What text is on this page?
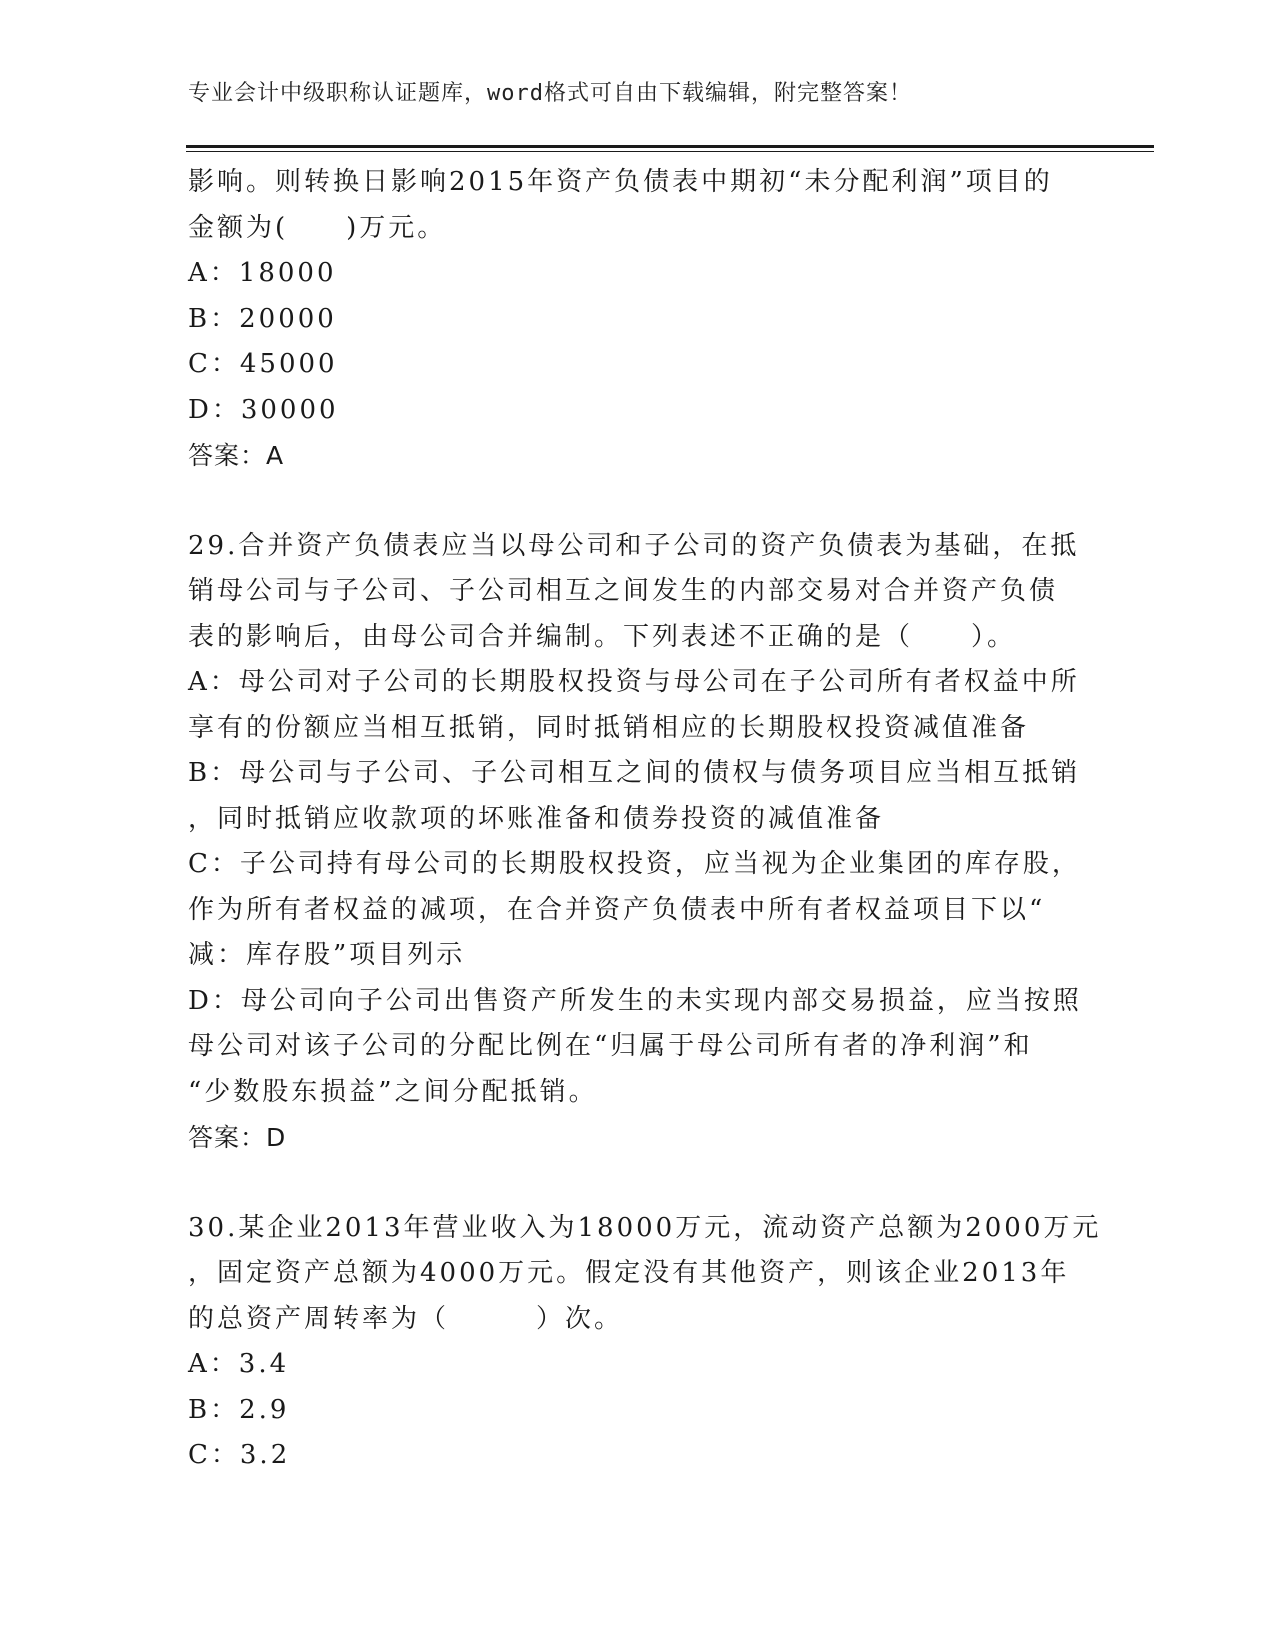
专业会计中级职称认证题库，word格式可自由下载编辑，附完整答案！
影响。则转换日影响2015年资产负债表中期初“未分配利润”项目的
金额为(　　)万元。
A：18000
B：20000
C：45000
D：30000
答案：A
29.合并资产负债表应当以母公司和子公司的资产负债表为基础，在抵
销母公司与子公司、子公司相互之间发生的内部交易对合并资产负债
表的影响后，由母公司合并编制。下列表述不正确的是（　　）。
A：母公司对子公司的长期股权投资与母公司在子公司所有者权益中所
享有的份额应当相互抵销，同时抵销相应的长期股权投资减值准备
B：母公司与子公司、子公司相互之间的债权与债务项目应当相互抵销
，同时抵销应收款项的坏账准备和债券投资的减值准备
C：子公司持有母公司的长期股权投资，应当视为企业集团的库存股，
作为所有者权益的减项，在合并资产负债表中所有者权益项目下以“
减：库存股”项目列示
D：母公司向子公司出售资产所发生的未实现内部交易损益，应当按照
母公司对该子公司的分配比例在“归属于母公司所有者的净利润”和
“少数股东损益”之间分配抵销。
答案：D
30.某企业2013年营业收入为18000万元，流动资产总额为2000万元
，固定资产总额为4000万元。假定没有其他资产，则该企业2013年
的总资产周转率为（　　　）次。
A：3.4
B：2.9
C：3.2
